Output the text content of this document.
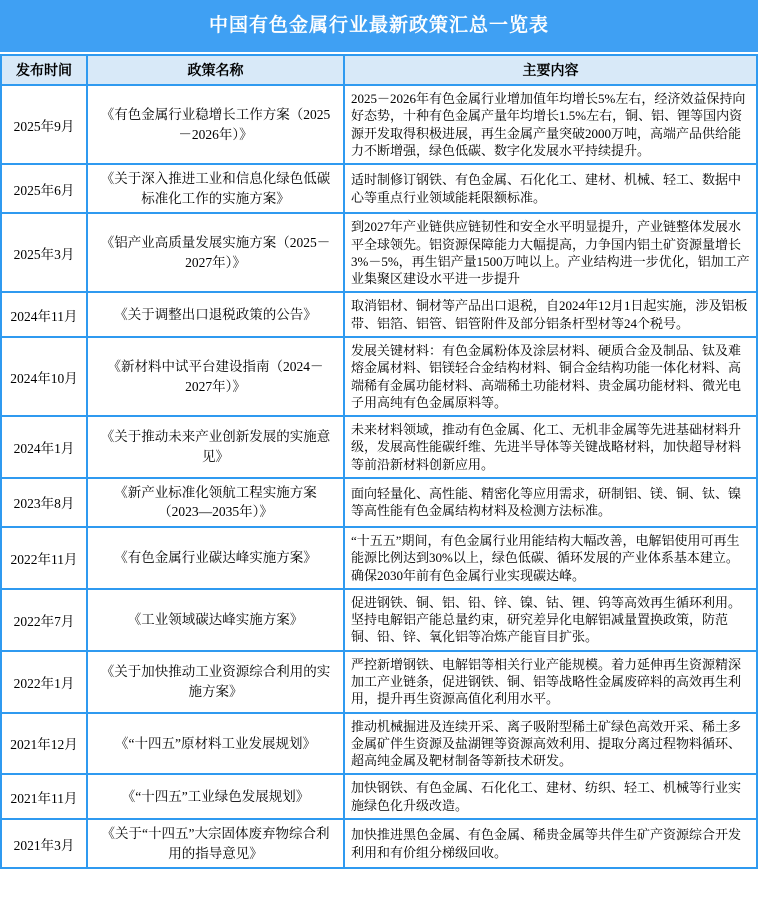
中国有色金属行业最新政策汇总一览表
发布时间	政策名称	主要内容
2025年9月	《有色金属行业稳增长工作方案（2025－2026年）》	2025－2026年有色金属行业增加值年均增长5%左右，经济效益保持向好态势，十种有色金属产量年均增长1.5%左右，铜、铝、锂等国内资源开发取得积极进展，再生金属产量突破2000万吨，高端产品供给能力不断增强，绿色低碳、数字化发展水平持续提升。
2025年6月	《关于深入推进工业和信息化绿色低碳标准化工作的实施方案》	适时制修订钢铁、有色金属、石化化工、建材、机械、轻工、数据中心等重点行业领域能耗限额标准。
2025年3月	《铝产业高质量发展实施方案（2025－2027年）》	到2027年产业链供应链韧性和安全水平明显提升，产业链整体发展水平全球领先。铝资源保障能力大幅提高，力争国内铝土矿资源量增长3%－5%，再生铝产量1500万吨以上。产业结构进一步优化，铝加工产业集聚区建设水平进一步提升
2024年11月	《关于调整出口退税政策的公告》	取消铝材、铜材等产品出口退税，自2024年12月1日起实施，涉及铝板带、铝箔、铝管、铝管附件及部分铝条杆型材等24个税号。
2024年10月	《新材料中试平台建设指南（2024－2027年）》	发展关键材料：有色金属粉体及涂层材料、硬质合金及制品、钛及难熔金属材料、铝镁轻合金结构材料、铜合金结构功能一体化材料、高端稀有金属功能材料、高端稀土功能材料、贵金属功能材料、微光电子用高纯有色金属原料等。
2024年1月	《关于推动未来产业创新发展的实施意见》	未来材料领域，推动有色金属、化工、无机非金属等先进基础材料升级，发展高性能碳纤维、先进半导体等关键战略材料，加快超导材料等前沿新材料创新应用。
2023年8月	《新产业标准化领航工程实施方案（2023—2035年）》	面向轻量化、高性能、精密化等应用需求，研制铝、镁、铜、钛、镍等高性能有色金属结构材料及检测方法标准。
2022年11月	《有色金属行业碳达峰实施方案》	“十五五”期间，有色金属行业用能结构大幅改善，电解铝使用可再生能源比例达到30%以上，绿色低碳、循环发展的产业体系基本建立。确保2030年前有色金属行业实现碳达峰。
2022年7月	《工业领域碳达峰实施方案》	促进钢铁、铜、铝、铅、锌、镍、钴、锂、钨等高效再生循环利用。坚持电解铝产能总量约束，研究差异化电解铝减量置换政策，防范铜、铅、锌、氧化铝等冶炼产能盲目扩张。
2022年1月	《关于加快推动工业资源综合利用的实施方案》	严控新增钢铁、电解铝等相关行业产能规模。着力延伸再生资源精深加工产业链条，促进钢铁、铜、铝等战略性金属废碎料的高效再生利用，提升再生资源高值化利用水平。
2021年12月	《“十四五”原材料工业发展规划》	推动机械掘进及连续开采、离子吸附型稀土矿绿色高效开采、稀土多金属矿伴生资源及盐湖锂等资源高效利用、提取分离过程物料循环、超高纯金属及靶材制备等新技术研发。
2021年11月	《“十四五”工业绿色发展规划》	加快钢铁、有色金属、石化化工、建材、纺织、轻工、机械等行业实施绿色化升级改造。
2021年3月	《关于“十四五”大宗固体废弃物综合利用的指导意见》	加快推进黑色金属、有色金属、稀贵金属等共伴生矿产资源综合开发利用和有价组分梯级回收。
